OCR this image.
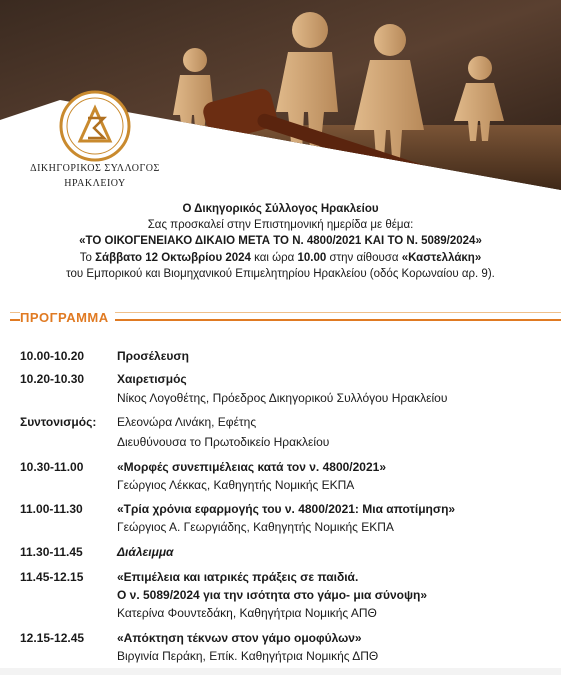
ΔΙΚΗΓΟΡΙΚΟΣ ΣΥΛΛΟΓΟΣ
ΗΡΑΚΛΕΙΟΥ
Ο Δικηγορικός Σύλλογος Ηρακλείου
Σας προσκαλεί στην Επιστημονική ημερίδα με θέμα:
«ΤΟ ΟΙΚΟΓΕΝΕΙΑΚΟ ΔΙΚΑΙΟ ΜΕΤΑ ΤΟ Ν. 4800/2021 ΚΑΙ ΤΟ Ν. 5089/2024»
Το Σάββατο 12 Οκτωβρίου 2024 και ώρα 10.00 στην αίθουσα «Καστελλάκη»
του Εμπορικού και Βιομηχανικού Επιμελητηρίου Ηρακλείου (οδός Κορωναίου αρ. 9).
ΠΡΟΓΡΑΜΜΑ
10.00-10.20	Προσέλευση
10.20-10.30	Χαιρετισμός
Νίκος Λογοθέτης, Πρόεδρος Δικηγορικού Συλλόγου Ηρακλείου
Συντονισμός: Ελεονώρα Λινάκη, Εφέτης
Διευθύνουσα το Πρωτοδικείο Ηρακλείου
10.30-11.00	«Μορφές συνεπιμέλειας κατά τον ν. 4800/2021»
Γεώργιος Λέκκας, Καθηγητής Νομικής ΕΚΠΑ
11.00-11.30	«Τρία χρόνια εφαρμογής του ν. 4800/2021: Μια αποτίμηση»
Γεώργιος Α. Γεωργιάδης, Καθηγητής Νομικής ΕΚΠΑ
11.30-11.45	Διάλειμμα
11.45-12.15	«Επιμέλεια και ιατρικές πράξεις σε παιδιά.
Ο ν. 5089/2024 για την ισότητα στο γάμο- μια σύνοψη»
Κατερίνα Φουντεδάκη, Καθηγήτρια Νομικής ΑΠΘ
12.15-12.45	«Απόκτηση τέκνων στον γάμο ομοφύλων»
Βιργινία Περάκη, Επίκ. Καθηγήτρια Νομικής ΔΠΘ
